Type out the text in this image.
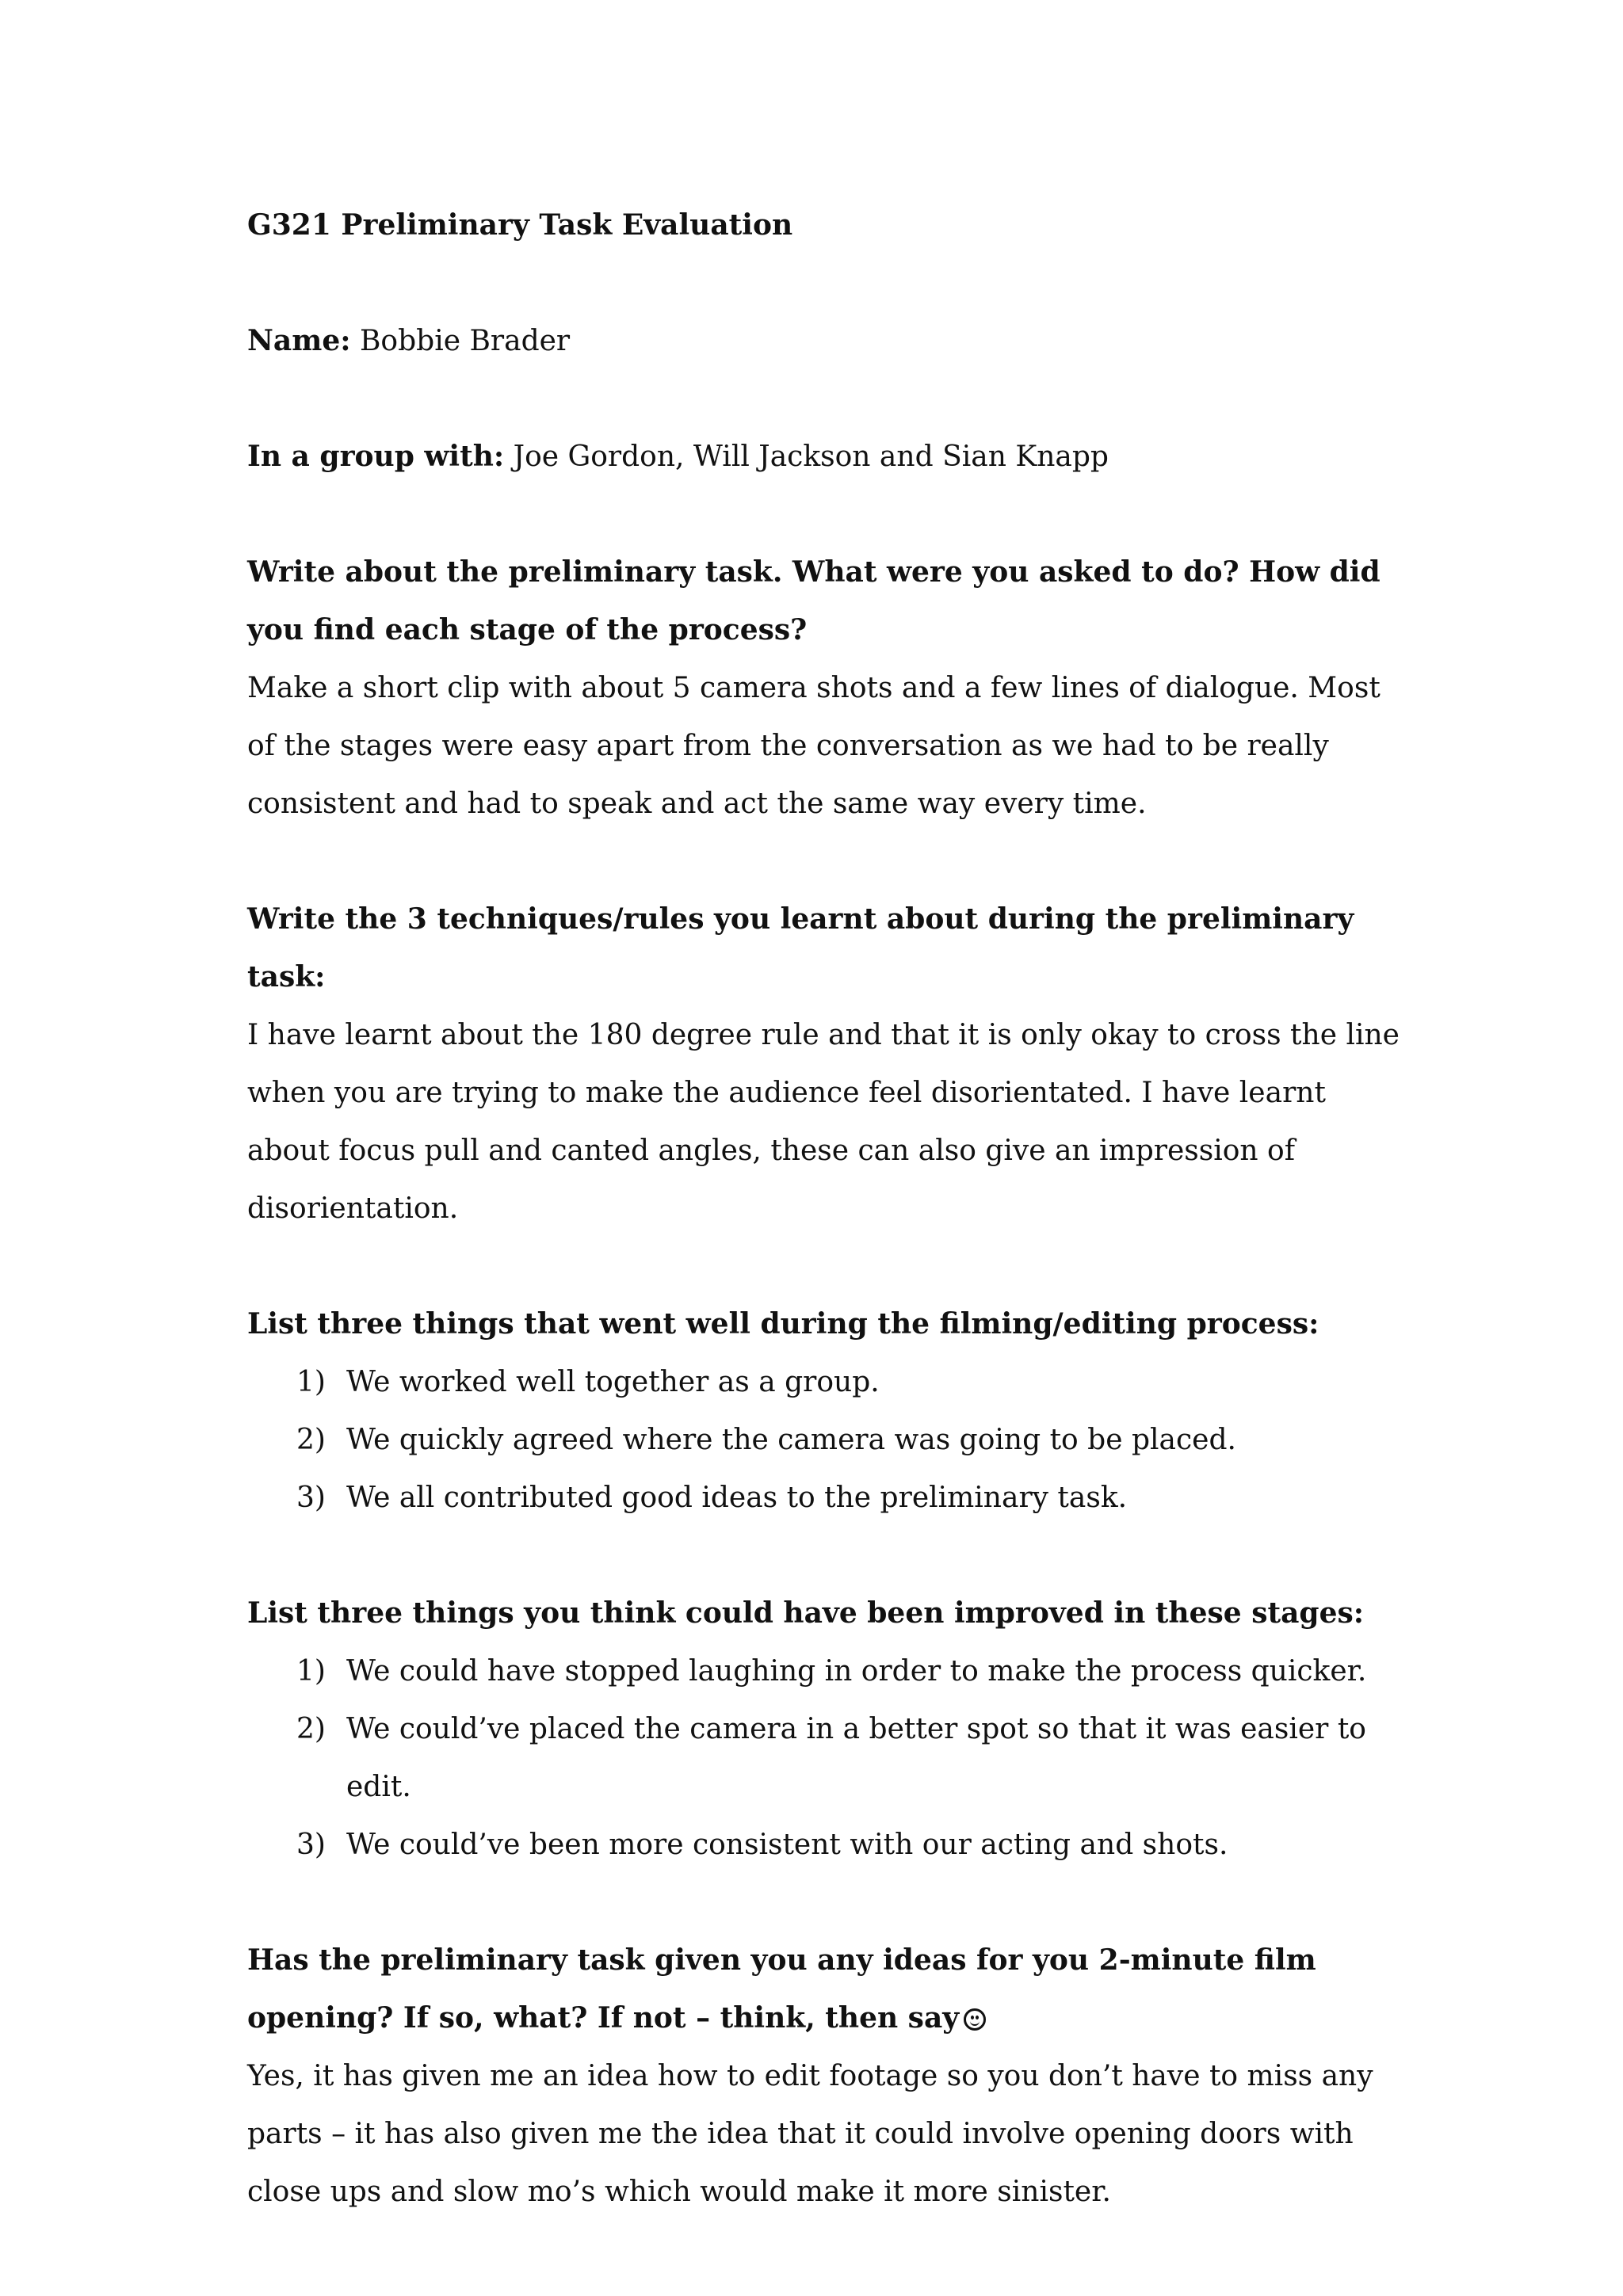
G321 Preliminary Task Evaluation

Name: Bobbie Brader

In a group with: Joe Gordon, Will Jackson and Sian Knapp

Write about the preliminary task. What were you asked to do? How did you find each stage of the process?

Make a short clip with about 5 camera shots and a few lines of dialogue. Most of the stages were easy apart from the conversation as we had to be really consistent and had to speak and act the same way every time.

Write the 3 techniques/rules you learnt about during the preliminary task:

I have learnt about the 180 degree rule and that it is only okay to cross the line when you are trying to make the audience feel disorientated. I have learnt about focus pull and canted angles, these can also give an impression of disorientation.

List three things that went well during the filming/editing process:

1) We worked well together as a group.
2) We quickly agreed where the camera was going to be placed.
3) We all contributed good ideas to the preliminary task.

List three things you think could have been improved in these stages:

1) We could have stopped laughing in order to make the process quicker.
2) We could’ve placed the camera in a better spot so that it was easier to edit.
3) We could’ve been more consistent with our acting and shots.

Has the preliminary task given you any ideas for you 2-minute film opening? If so, what? If not – think, then say

Yes, it has given me an idea how to edit footage so you don’t have to miss any parts – it has also given me the idea that it could involve opening doors with close ups and slow mo’s which would make it more sinister.
